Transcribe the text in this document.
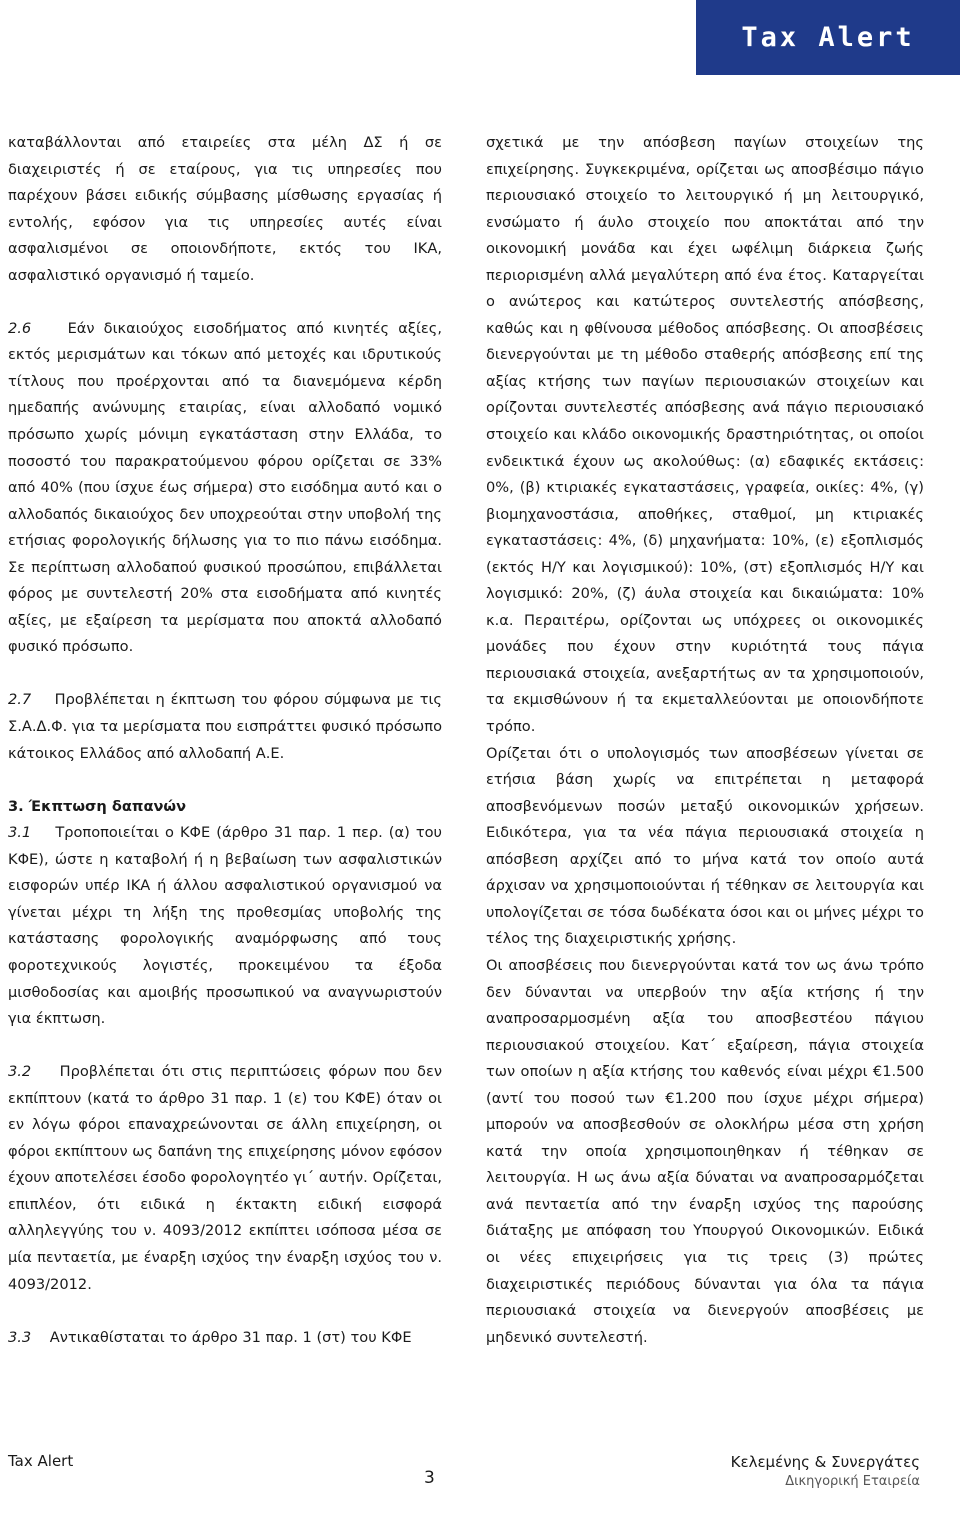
Tax Alert

καταβάλλονται από εταιρείες στα μέλη ΔΣ ή σε διαχειριστές ή σε εταίρους, για τις υπηρεσίες που παρέχουν βάσει ειδικής σύμβασης μίσθωσης εργασίας ή εντολής, εφόσον για τις υπηρεσίες αυτές είναι ασφαλισμένοι σε οποιονδήποτε, εκτός του ΙΚΑ, ασφαλιστικό οργανισμό ή ταμείο.

2.6 Εάν δικαιούχος εισοδήματος από κινητές αξίες, εκτός μερισμάτων και τόκων από μετοχές και ιδρυτικούς τίτλους που προέρχονται από τα διανεμόμενα κέρδη ημεδαπής ανώνυμης εταιρίας, είναι αλλοδαπό νομικό πρόσωπο χωρίς μόνιμη εγκατάσταση στην Ελλάδα, το ποσοστό του παρακρατούμενου φόρου ορίζεται σε 33% από 40% (που ίσχυε έως σήμερα) στο εισόδημα αυτό και ο αλλοδαπός δικαιούχος δεν υποχρεούται στην υποβολή της ετήσιας φορολογικής δήλωσης για το πιο πάνω εισόδημα. Σε περίπτωση αλλοδαπού φυσικού προσώπου, επιβάλλεται φόρος με συντελεστή 20% στα εισοδήματα από κινητές αξίες, με εξαίρεση τα μερίσματα που αποκτά αλλοδαπό φυσικό πρόσωπο.

2.7 Προβλέπεται η έκπτωση του φόρου σύμφωνα με τις Σ.Α.Δ.Φ. για τα μερίσματα που εισπράττει φυσικό πρόσωπο κάτοικος Ελλάδος από αλλοδαπή Α.Ε.

3. Έκπτωση δαπανών

3.1 Τροποποιείται ο ΚΦΕ (άρθρο 31 παρ. 1 περ. (α) του ΚΦΕ), ώστε η καταβολή ή η βεβαίωση των ασφαλιστικών εισφορών υπέρ ΙΚΑ ή άλλου ασφαλιστικού οργανισμού να γίνεται μέχρι τη λήξη της προθεσμίας υποβολής της κατάστασης φορολογικής αναμόρφωσης από τους φοροτεχνικούς λογιστές, προκειμένου τα έξοδα μισθοδοσίας και αμοιβής προσωπικού να αναγνωριστούν για έκπτωση.

3.2 Προβλέπεται ότι στις περιπτώσεις φόρων που δεν εκπίπτουν (κατά το άρθρο 31 παρ. 1 (ε) του ΚΦΕ) όταν οι εν λόγω φόροι επαναχρεώνονται σε άλλη επιχείρηση, οι φόροι εκπίπτουν ως δαπάνη της επιχείρησης μόνον εφόσον έχουν αποτελέσει έσοδο φορολογητέο γι΄ αυτήν. Ορίζεται, επιπλέον, ότι ειδικά η έκτακτη ειδική εισφορά αλληλεγγύης του ν. 4093/2012 εκπίπτει ισόποσα μέσα σε μία πενταετία, με έναρξη ισχύος την έναρξη ισχύος του ν. 4093/2012.

3.3 Αντικαθίσταται το άρθρο 31 παρ. 1 (στ) του ΚΦΕ

σχετικά με την απόσβεση παγίων στοιχείων της επιχείρησης. Συγκεκριμένα, ορίζεται ως αποσβέσιμο πάγιο περιουσιακό στοιχείο το λειτουργικό ή μη λειτουργικό, ενσώματο ή άυλο στοιχείο που αποκτάται από την οικονομική μονάδα και έχει ωφέλιμη διάρκεια ζωής περιορισμένη αλλά μεγαλύτερη από ένα έτος. Καταργείται ο ανώτερος και κατώτερος συντελεστής απόσβεσης, καθώς και η φθίνουσα μέθοδος απόσβεσης. Οι αποσβέσεις διενεργούνται με τη μέθοδο σταθερής απόσβεσης επί της αξίας κτήσης των παγίων περιουσιακών στοιχείων και ορίζονται συντελεστές απόσβεσης ανά πάγιο περιουσιακό στοιχείο και κλάδο οικονομικής δραστηριότητας, οι οποίοι ενδεικτικά έχουν ως ακολούθως: (α) εδαφικές εκτάσεις: 0%, (β) κτιριακές εγκαταστάσεις, γραφεία, οικίες: 4%, (γ) βιομηχανοστάσια, αποθήκες, σταθμοί, μη κτιριακές εγκαταστάσεις: 4%, (δ) μηχανήματα: 10%, (ε) εξοπλισμός (εκτός Η/Υ και λογισμικού): 10%, (στ) εξοπλισμός Η/Υ και λογισμικό: 20%, (ζ) άυλα στοιχεία και δικαιώματα: 10% κ.α. Περαιτέρω, ορίζονται ως υπόχρεες οι οικονομικές μονάδες που έχουν στην κυριότητά τους πάγια περιουσιακά στοιχεία, ανεξαρτήτως αν τα χρησιμοποιούν, τα εκμισθώνουν ή τα εκμεταλλεύονται με οποιονδήποτε τρόπο.

Ορίζεται ότι ο υπολογισμός των αποσβέσεων γίνεται σε ετήσια βάση χωρίς να επιτρέπεται η μεταφορά αποσβενόμενων ποσών μεταξύ οικονομικών χρήσεων. Ειδικότερα, για τα νέα πάγια περιουσιακά στοιχεία η απόσβεση αρχίζει από το μήνα κατά τον οποίο αυτά άρχισαν να χρησιμοποιούνται ή τέθηκαν σε λειτουργία και υπολογίζεται σε τόσα δωδέκατα όσοι και οι μήνες μέχρι το τέλος της διαχειριστικής χρήσης.

Οι αποσβέσεις που διενεργούνται κατά τον ως άνω τρόπο δεν δύνανται να υπερβούν την αξία κτήσης ή την αναπροσαρμοσμένη αξία του αποσβεστέου πάγιου περιουσιακού στοιχείου. Κατ΄ εξαίρεση, πάγια στοιχεία των οποίων η αξία κτήσης του καθενός είναι μέχρι €1.500 (αντί του ποσού των €1.200 που ίσχυε μέχρι σήμερα) μπορούν να αποσβεσθούν σε ολοκλήρω μέσα στη χρήση κατά την οποία χρησιμοποιηθηκαν ή τέθηκαν σε λειτουργία. Η ως άνω αξία δύναται να αναπροσαρμόζεται ανά πενταετία από την έναρξη ισχύος της παρούσης διάταξης με απόφαση του Υπουργού Οικονομικών. Ειδικά οι νέες επιχειρήσεις για τις τρεις (3) πρώτες διαχειριστικές περιόδους δύνανται για όλα τα πάγια περιουσιακά στοιχεία να διενεργούν αποσβέσεις με μηδενικό συντελεστή.

Tax Alert
3
Κελεμένης & Συνεργάτες
Δικηγορική Εταιρεία
